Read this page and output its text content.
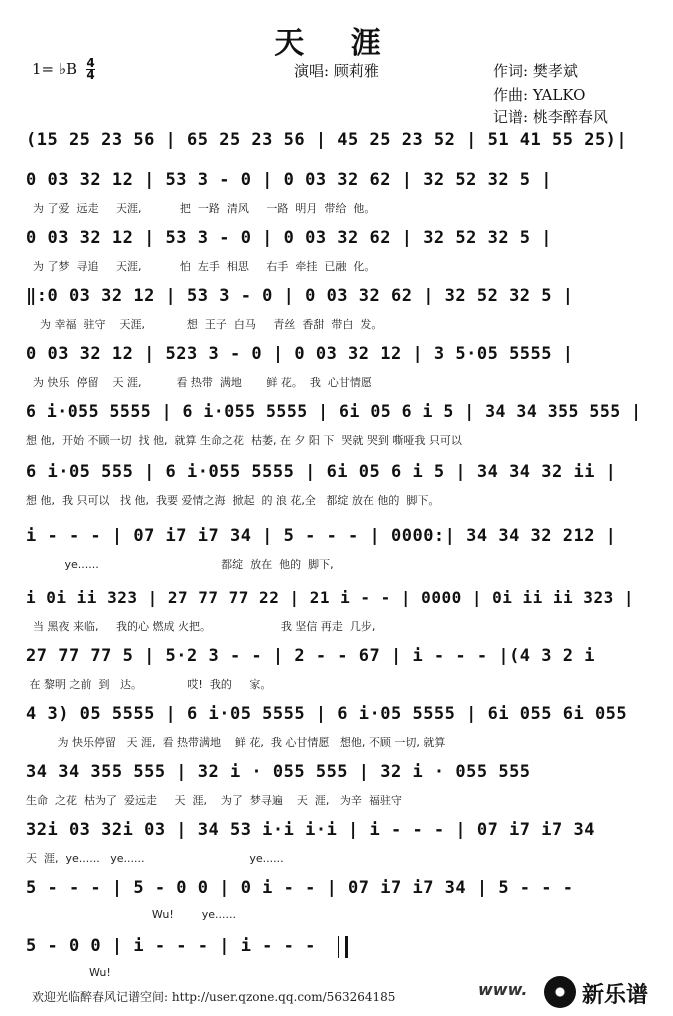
天 涯
1= ♭B 4
4	演唱: 顾莉雅	作词: 樊孝斌
作曲: YALKO
记谱: 桃李醉春风
(15 25 23 56 | 65 25 23 56 | 45 25 23 52 | 51 41 55 25)|
0 03 32 12 | 53 3 - 0 | 0 03 32 62 | 32 52 32 5 |
为 了爱  远走     天涯,           把  一路  清风     一路  明月  带给  他。
0 03 32 12 | 53 3 - 0 | 0 03 32 62 | 32 52 32 5 |
为 了梦  寻追     天涯,           怕  左手  相思     右手  牵挂  已融  化。
‖:0 03 32 12 | 53 3 - 0 | 0 03 32 62 | 32 52 32 5 |
为 幸福  驻守    天涯,            想  王子  白马     青丝  香甜  带白  发。
0 03 32 12 | 523 3 - 0 | 0 03 32 12 | 3 5·05 5555 |
为 快乐  停留    天 涯,          看 热带  满地       鲜 花。  我  心甘情愿
6 i·055 5555 | 6 i·055 5555 | 6i 05 6 i 5 | 34 34 355 555 |
想 他,  开始 不顾一切  找 他,  就算 生命之花  枯萎, 在 夕 阳 下  哭就 哭到 嘶哑我 只可以
6 i·05 555 | 6 i·055 5555 | 6i 05 6 i 5 | 34 34 32 ii |
想 他,  我 只可以   找 他,  我要 爱情之海  掀起  的 浪 花,全   都绽 放在 他的  脚下。
i - - - | 07 i7 i7 34 | 5 - - - | 0000:| 34 34 32 212 |
ye......                                   都绽  放在  他的  脚下,
i 0i ii 323 | 27 77 77 22 | 21 i - - | 0000 | 0i ii ii 323 |
当 黑夜 来临,     我的心 燃成 火把。                    我 坚信 再走  几步,
27 77 77 5 | 5·2 3 - - | 2 - - 67 | i - - - |(4 3 2 i
在 黎明 之前  到   达。             哎!  我的     家。
4 3) 05 5555 | 6 i·05 5555 | 6 i·05 5555 | 6i 055 6i 055
为 快乐停留   天 涯,  看 热带满地    鲜 花,  我 心甘情愿   想他, 不顾 一切, 就算
34 34 355 555 | 32 i · 055 555 | 32 i · 055 555
生命  之花  枯为了  爱远走     天  涯,    为了  梦寻遍    天  涯,   为辛  福驻守
32i 03 32i 03 | 34 53 i·i i·i | i - - - | 07 i7 i7 34
天  涯,  ye......   ye......                              ye......
5 - - - | 5 - 0 0 | 0 i - - | 07 i7 i7 34 | 5 - - -
Wu!        ye......
5 - 0 0 | i - - - | i - - -
Wu!
欢迎光临醉春风记谱空间: http://user.qzone.qq.com/563264185	www. 新乐谱
